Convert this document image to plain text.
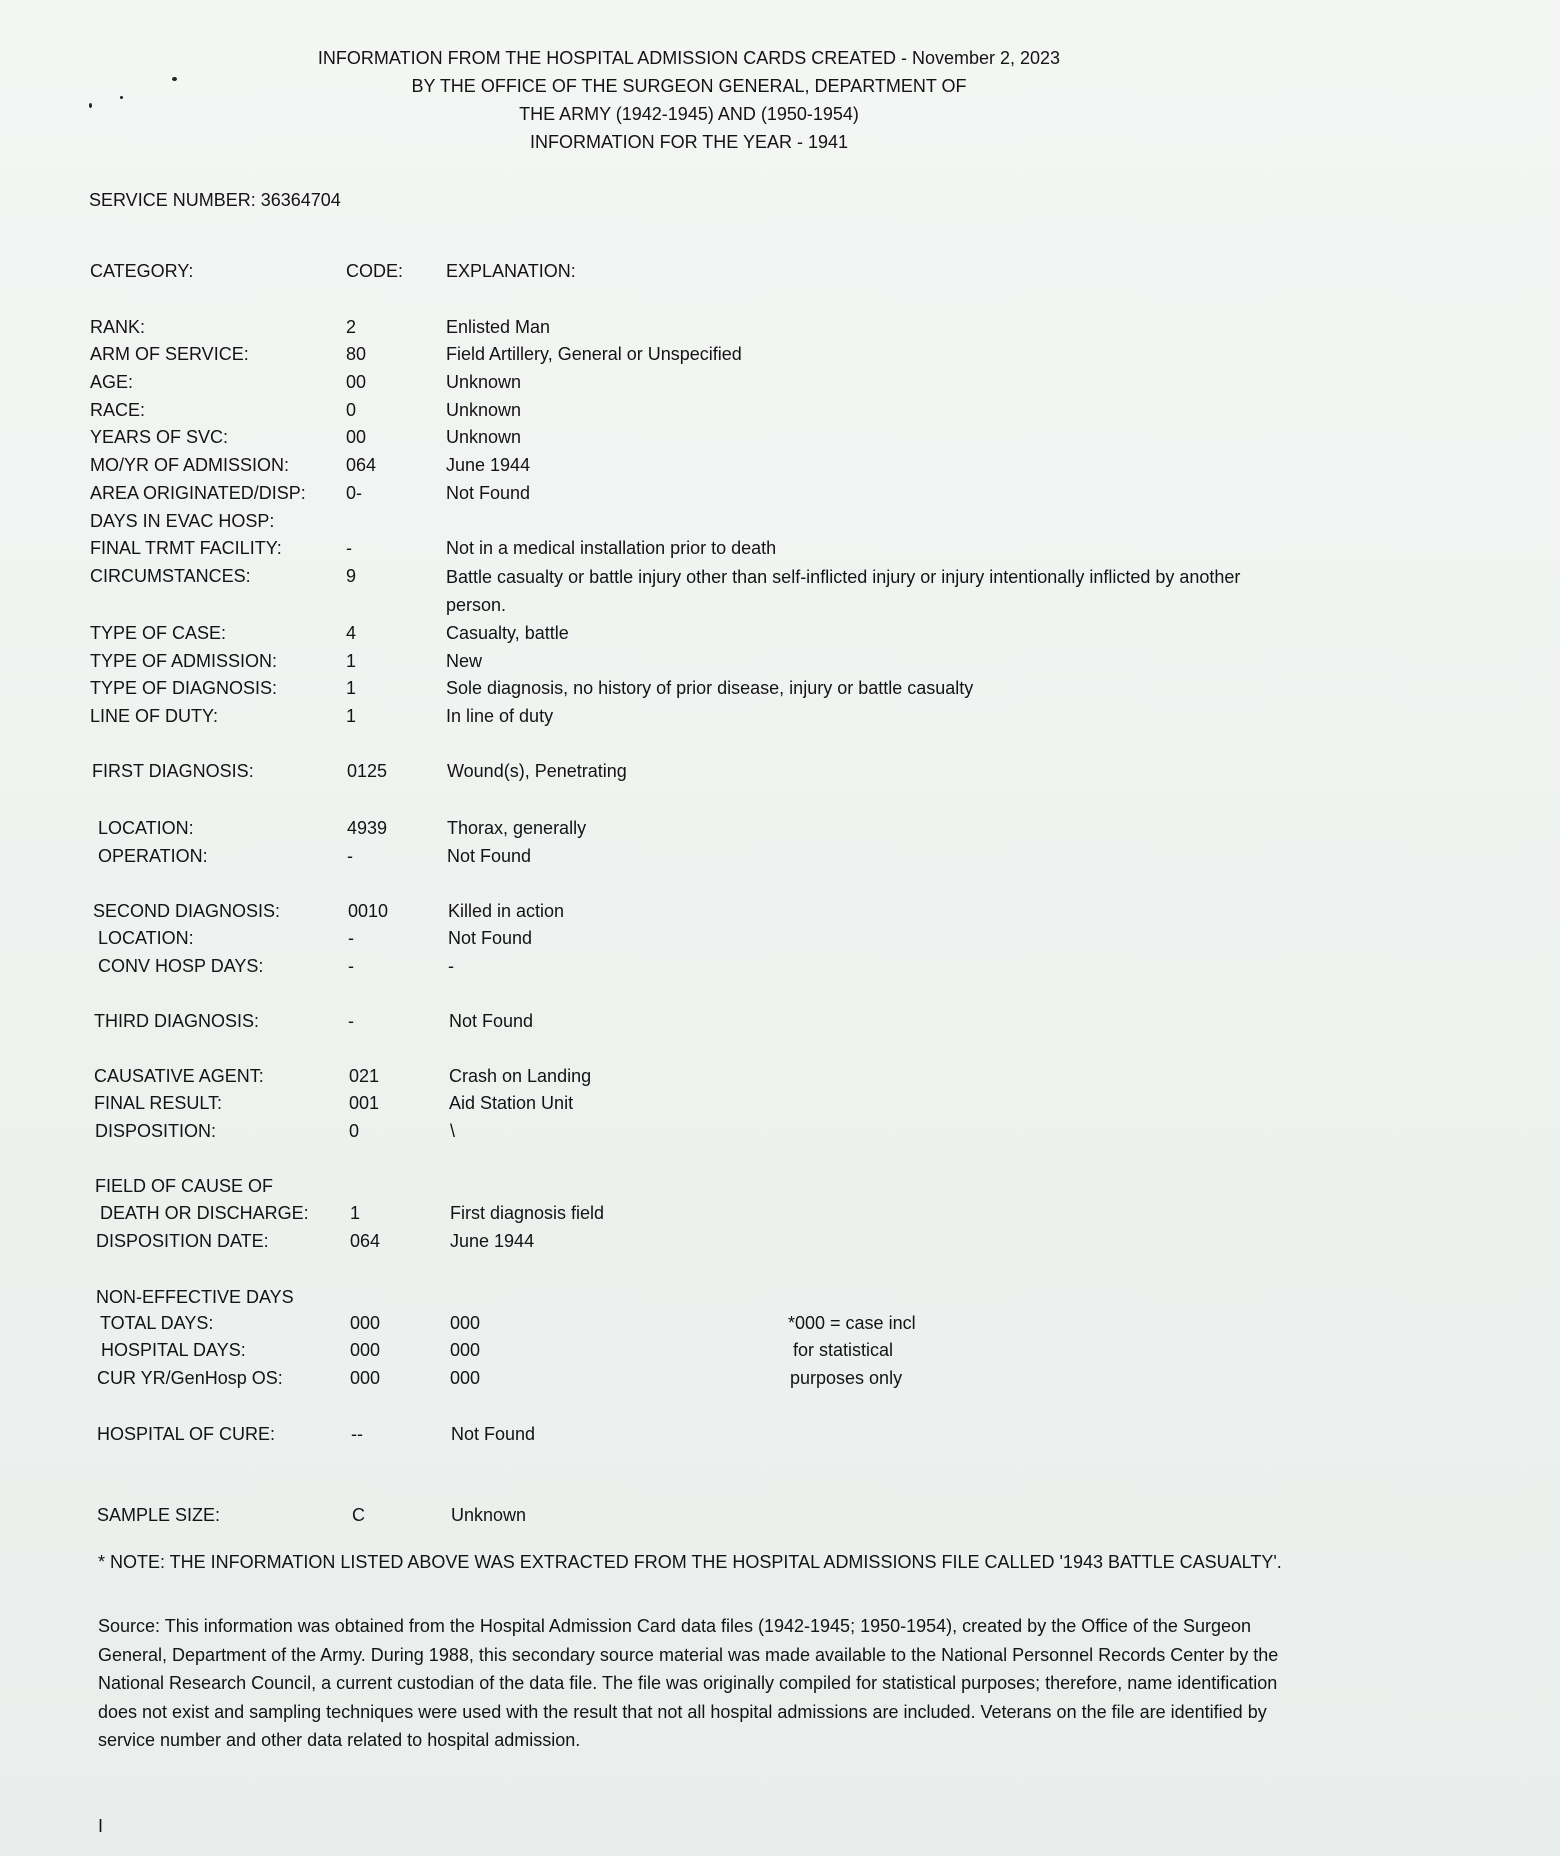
INFORMATION FROM THE HOSPITAL ADMISSION CARDS CREATED - November 2, 2023
BY THE OFFICE OF THE SURGEON GENERAL, DEPARTMENT OF
THE ARMY (1942-1945) AND (1950-1954)
INFORMATION FOR THE YEAR - 1941
SERVICE NUMBER: 36364704
CATEGORY:	CODE: EXPLANATION:
RANK:	2	Enlisted Man
ARM OF SERVICE:	80	Field Artillery, General or Unspecified
AGE:	00	Unknown
RACE:	0	Unknown
YEARS OF SVC:	00	Unknown
MO/YR OF ADMISSION:	064	June 1944
AREA ORIGINATED/DISP: 0-	Not Found
DAYS IN EVAC HOSP:
FINAL TRMT FACILITY:	-	Not in a medical installation prior to death
CIRCUMSTANCES:	9	Battle casualty or battle injury other than self-inflicted injury or injury intentionally inflicted by another person.
TYPE OF CASE:	4	Casualty, battle
TYPE OF ADMISSION:	1	New
TYPE OF DIAGNOSIS:	1	Sole diagnosis, no history of prior disease, injury or battle casualty
LINE OF DUTY:	1	In line of duty
FIRST DIAGNOSIS:	0125	Wound(s), Penetrating
LOCATION:	4939	Thorax, generally
OPERATION:	-	Not Found
SECOND DIAGNOSIS:	0010	Killed in action
LOCATION:	-	Not Found
CONV HOSP DAYS:	-	-
THIRD DIAGNOSIS:	-	Not Found
CAUSATIVE AGENT:	021	Crash on Landing
FINAL RESULT:	001	Aid Station Unit
DISPOSITION:	0	\
FIELD OF CAUSE OF
DEATH OR DISCHARGE: 1	First diagnosis field
DISPOSITION DATE:	064	June 1944
NON-EFFECTIVE DAYS
TOTAL DAYS:	000	000	*000 = case incl
HOSPITAL DAYS:	000	000	for statistical
CUR YR/GenHosp OS:	000	000	purposes only
HOSPITAL OF CURE:	--	Not Found
SAMPLE SIZE:	C	Unknown
* NOTE: THE INFORMATION LISTED ABOVE WAS EXTRACTED FROM THE HOSPITAL ADMISSIONS FILE CALLED '1943 BATTLE CASUALTY'.
Source: This information was obtained from the Hospital Admission Card data files (1942-1945; 1950-1954), created by the Office of the Surgeon General, Department of the Army. During 1988, this secondary source material was made available to the National Personnel Records Center by the National Research Council, a current custodian of the data file. The file was originally compiled for statistical purposes; therefore, name identification does not exist and sampling techniques were used with the result that not all hospital admissions are included. Veterans on the file are identified by service number and other data related to hospital admission.
I
